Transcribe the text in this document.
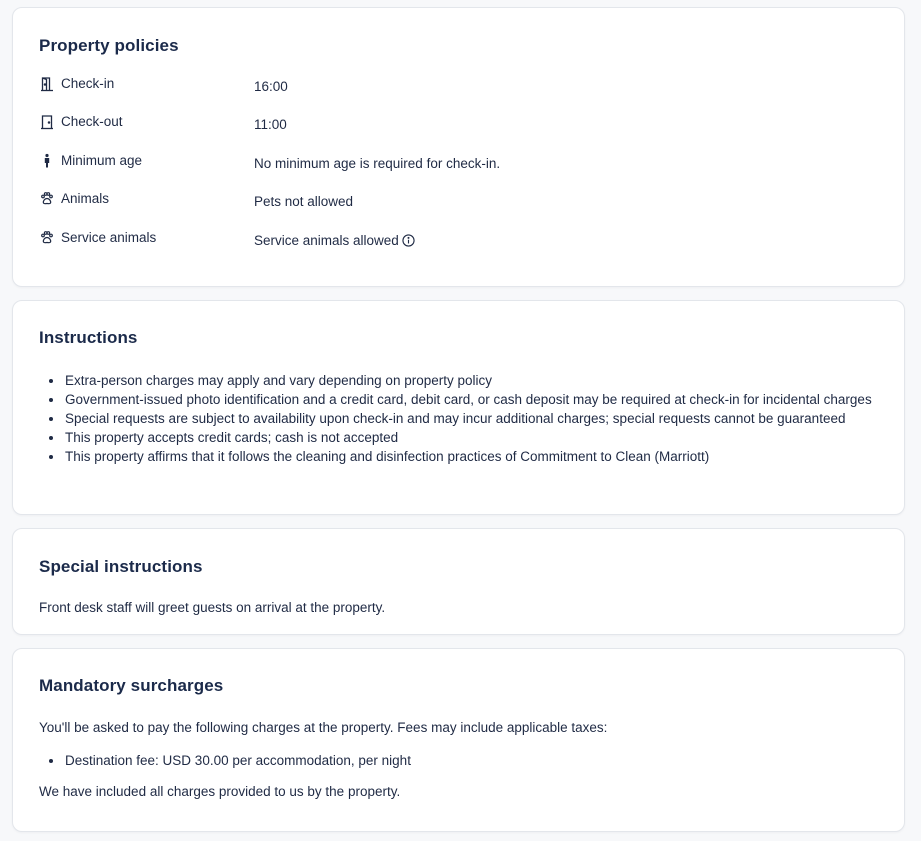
Property policies
Check-in	16:00
Check-out	11:00
Minimum age	No minimum age is required for check-in.
Animals	Pets not allowed
Service animals	Service animals allowed
Instructions
Extra-person charges may apply and vary depending on property policy
Government-issued photo identification and a credit card, debit card, or cash deposit may be required at check-in for incidental charges
Special requests are subject to availability upon check-in and may incur additional charges; special requests cannot be guaranteed
This property accepts credit cards; cash is not accepted
This property affirms that it follows the cleaning and disinfection practices of Commitment to Clean (Marriott)
Special instructions

Front desk staff will greet guests on arrival at the property.

Mandatory surcharges

You'll be asked to pay the following charges at the property. Fees may include applicable taxes:

Destination fee: USD 30.00 per accommodation, per night

We have included all charges provided to us by the property.
